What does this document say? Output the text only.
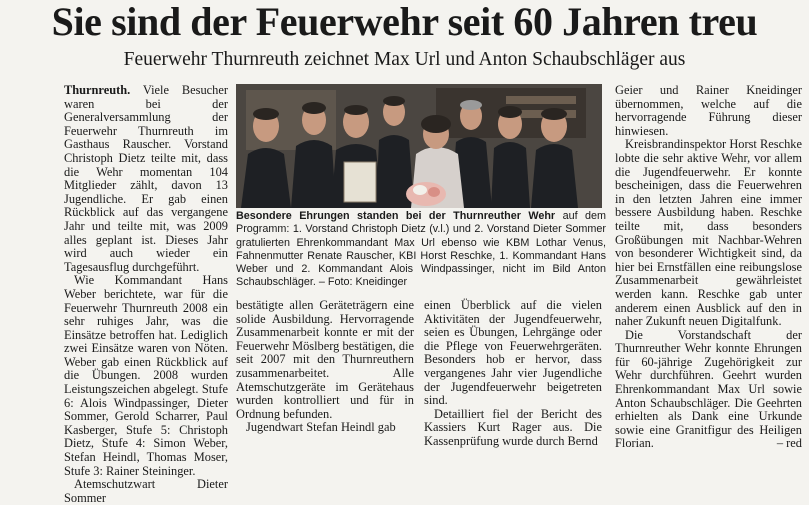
Sie sind der Feuerwehr seit 60 Jahren treu
Feuerwehr Thurnreuth zeichnet Max Url und Anton Schaubschläger aus

Thurnreuth. Viele Besucher waren bei der Generalversammlung der Feuerwehr Thurnreuth im Gasthaus Rauscher. Vorstand Christoph Dietz teilte mit, dass die Wehr momentan 104 Mitglieder zählt, davon 13 Jugendliche. Er gab einen Rückblick auf das vergangene Jahr und teilte mit, was 2009 alles geplant ist. Dieses Jahr wird auch wieder ein Tagesausflug durchgeführt.

Wie Kommandant Hans Weber berichtete, war für die Feuerwehr Thurnreuth 2008 ein sehr ruhiges Jahr, was die Einsätze betroffen hat. Lediglich zwei Einsätze waren von Nöten. Weber gab einen Rückblick auf die Übungen. 2008 wurden Leistungszeichen abgelegt. Stufe 6: Alois Windpassinger, Dieter Sommer, Gerold Scharrer, Paul Kasberger, Stufe 5: Christoph Dietz, Stufe 4: Simon Weber, Stefan Heindl, Thomas Moser, Stufe 3: Rainer Steininger.

Atemschutzwart Dieter Sommer

Besondere Ehrungen standen bei der Thurnreuther Wehr auf dem Programm: 1. Vorstand Christoph Dietz (v.l.) und 2. Vorstand Dieter Sommer gratulierten Ehrenkommandant Max Url ebenso wie KBM Lothar Venus, Fahnenmutter Renate Rauscher, KBI Horst Reschke, 1. Kommandant Hans Weber und 2. Kommandant Alois Windpassinger, nicht im Bild Anton Schaubschläger. – Foto: Kneidinger

bestätigte allen Geräteträgern eine solide Ausbildung. Hervorragende Zusammenarbeit konnte er mit der Feuerwehr Möslberg bestätigen, die seit 2007 mit den Thurnreuthern zusammenarbeitet. Alle Atemschutzgeräte im Gerätehaus wurden kontrolliert und für in Ordnung befunden.

Jugendwart Stefan Heindl gab

einen Überblick auf die vielen Aktivitäten der Jugendfeuerwehr, seien es Übungen, Lehrgänge oder die Pflege von Feuerwehrgeräten. Besonders hob er hervor, dass vergangenes Jahr vier Jugendliche der Jugendfeuerwehr beigetreten sind.

Detailliert fiel der Bericht des Kassiers Kurt Rager aus. Die Kassenprüfung wurde durch Bernd

Geier und Rainer Kneidinger übernommen, welche auf die hervorragende Führung dieser hinwiesen.

Kreisbrandinspektor Horst Reschke lobte die sehr aktive Wehr, vor allem die Jugendfeuerwehr. Er konnte bescheinigen, dass die Feuerwehren in den letzten Jahren eine immer bessere Ausbildung haben. Reschke teilte mit, dass besonders Großübungen mit Nachbar-Wehren von besonderer Wichtigkeit sind, da hier bei Ernstfällen eine reibungslose Zusammenarbeit gewährleistet werden kann. Reschke gab unter anderem einen Ausblick auf den in naher Zukunft neuen Digitalfunk.

Die Vorstandschaft der Thurnreuther Wehr konnte Ehrungen für 60-jährige Zugehörigkeit zur Wehr durchführen. Geehrt wurden Ehrenkommandant Max Url sowie Anton Schaubschläger. Die Geehrten erhielten als Dank eine Urkunde sowie eine Granitfigur des Heiligen Florian.	– red
